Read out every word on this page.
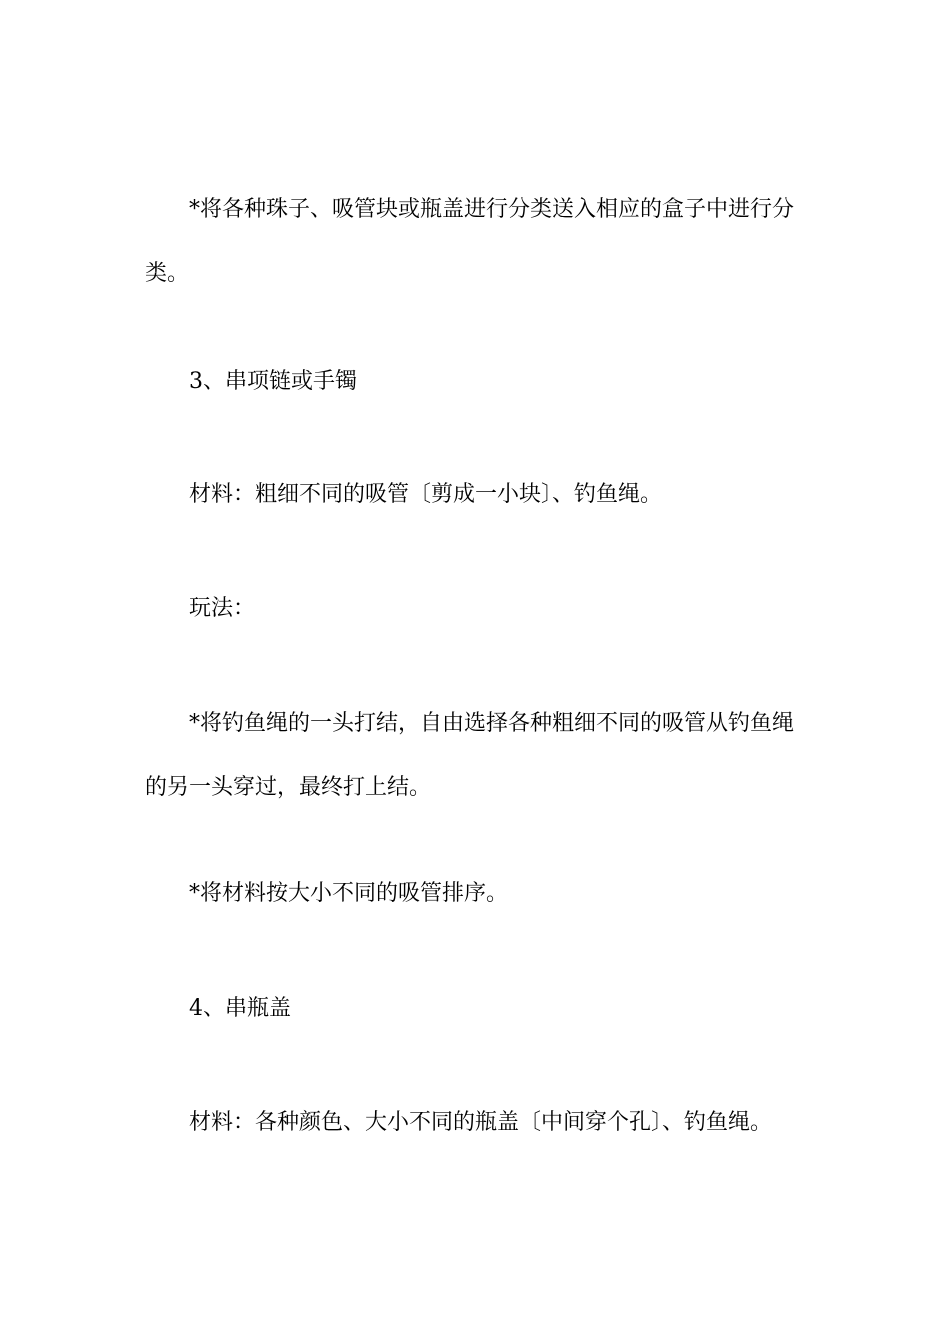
*将各种珠子、吸管块或瓶盖进行分类送入相应的盒子中进行分类。

3、串项链或手镯

材料：粗细不同的吸管〔剪成一小块〕、钓鱼绳。

玩法：

*将钓鱼绳的一头打结，自由选择各种粗细不同的吸管从钓鱼绳的另一头穿过，最终打上结。

*将材料按大小不同的吸管排序。

4、串瓶盖

材料：各种颜色、大小不同的瓶盖〔中间穿个孔〕、钓鱼绳。
